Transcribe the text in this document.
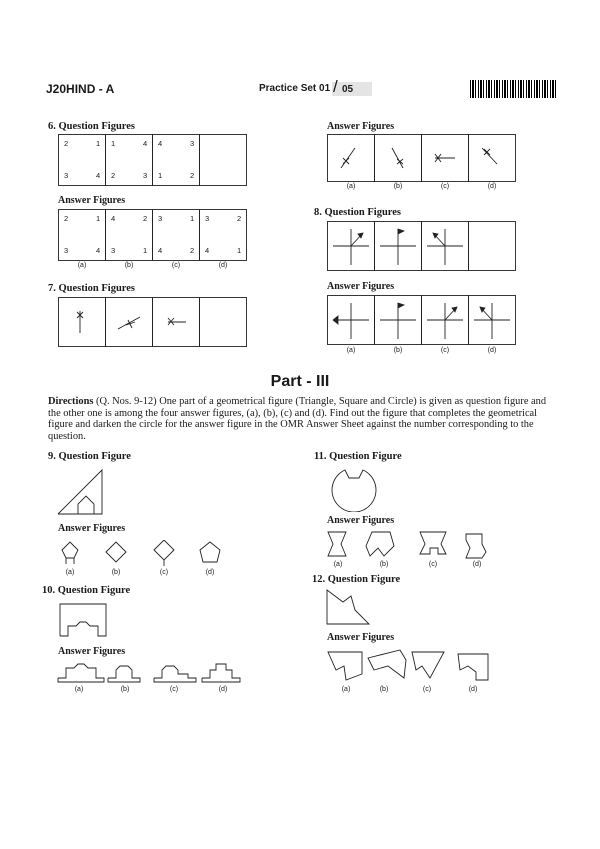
J20HIND - A	Practice Set 01 / 05
6. Question Figures
2	1
3	4
1	4
2	3
4	3
1	2
Answer Figures
2	1
3	4
4	2
3	1
3	1
4	2
3	2
4	1
(a)	(b)	(c)	(d)
7. Question Figures
Answer Figures
(a)	(b)	(c)	(d)
8. Question Figures
Answer Figures
(a)	(b)	(c)	(d)
Part - III
Directions (Q. Nos. 9-12) One part of a geometrical figure (Triangle, Square and Circle) is given as question figure and the other one is among the four answer figures, (a), (b), (c) and (d). Find out the figure that completes the geometrical figure and darken the circle for the answer figure in the OMR Answer Sheet against the number corresponding to the question.
9. Question Figure
Answer Figures
(a)	(b)	(c)	(d)
10. Question Figure
Answer Figures
(a)	(b)	(c)	(d)
11. Question Figure
Answer Figures
(a)	(b)	(c)	(d)
12. Question Figure
Answer Figures
(a)	(b)	(c)	(d)
